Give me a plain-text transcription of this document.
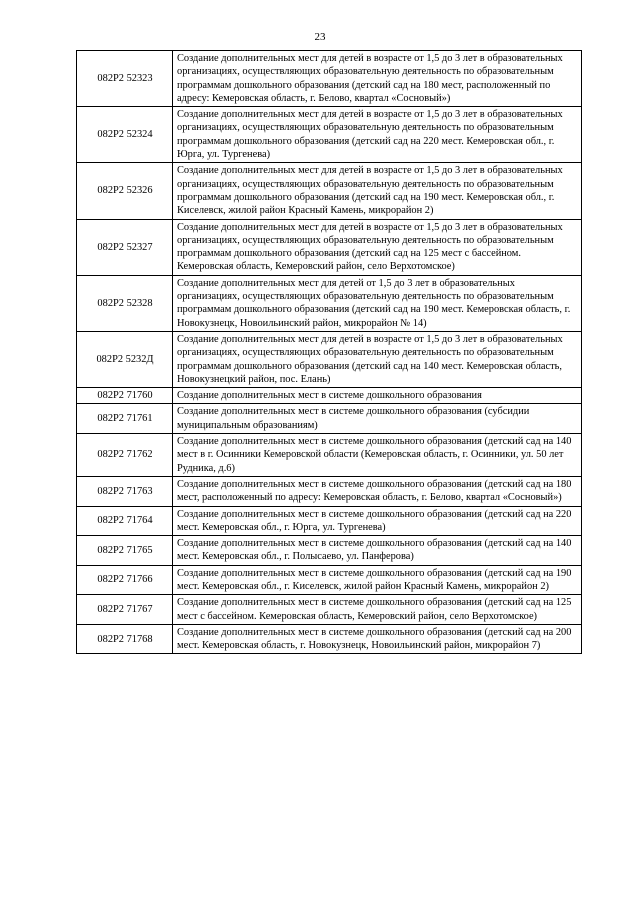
23
082P2 52323	Создание дополнительных мест для детей в возрасте от 1,5 до 3 лет в образовательных организациях, осуществляющих образовательную деятельность по образовательным программам дошкольного образования (детский сад на 180 мест, расположенный по адресу: Кемеровская область, г. Белово, квартал «Сосновый»)
082P2 52324	Создание дополнительных мест для детей в возрасте от 1,5 до 3 лет в образовательных организациях, осуществляющих образовательную деятельность по образовательным программам дошкольного образования (детский сад на 220 мест. Кемеровская обл., г. Юрга, ул. Тургенева)
082P2 52326	Создание дополнительных мест для детей в возрасте от 1,5 до 3 лет в образовательных организациях, осуществляющих образовательную деятельность по образовательным программам дошкольного образования (детский сад на 190 мест. Кемеровская обл., г. Киселевск, жилой район Красный Камень, микрорайон 2)
082P2 52327	Создание дополнительных мест для детей в возрасте от 1,5 до 3 лет в образовательных организациях, осуществляющих образовательную деятельность по образовательным программам дошкольного образования (детский сад на 125 мест с бассейном. Кемеровская область, Кемеровский район, село Верхотомское)
082P2 52328	Создание дополнительных мест для детей от 1,5 до 3 лет в образовательных организациях, осуществляющих образовательную деятельность по образовательным программам дошкольного образования (детский сад на 190 мест. Кемеровская область, г. Новокузнецк, Новоильинский район, микрорайон № 14)
082P2 5232Д	Создание дополнительных мест для детей в возрасте от 1,5 до 3 лет в образовательных организациях, осуществляющих образовательную деятельность по образовательным программам дошкольного образования (детский сад на 140 мест. Кемеровская область, Новокузнецкий район, пос. Елань)
082P2 71760	Создание дополнительных мест в системе дошкольного образования
082P2 71761	Создание дополнительных мест в системе дошкольного образования (субсидии муниципальным образованиям)
082P2 71762	Создание дополнительных мест в системе дошкольного образования (детский сад на 140 мест в г. Осинники Кемеровской области (Кемеровская область, г. Осинники, ул. 50 лет Рудника, д.6)
082P2 71763	Создание дополнительных мест в системе дошкольного образования (детский сад на 180 мест, расположенный по адресу: Кемеровская область, г. Белово, квартал «Сосновый»)
082P2 71764	Создание дополнительных мест в системе дошкольного образования (детский сад на 220 мест. Кемеровская обл., г. Юрга, ул. Тургенева)
082P2 71765	Создание дополнительных мест в системе дошкольного образования (детский сад на 140 мест. Кемеровская обл., г. Полысаево, ул. Панферова)
082P2 71766	Создание дополнительных мест в системе дошкольного образования (детский сад на 190 мест. Кемеровская обл., г. Киселевск, жилой район Красный Камень, микрорайон 2)
082P2 71767	Создание дополнительных мест в системе дошкольного образования (детский сад на 125 мест с бассейном. Кемеровская область, Кемеровский район, село Верхотомское)
082P2 71768	Создание дополнительных мест в системе дошкольного образования (детский сад на 200 мест. Кемеровская область, г. Новокузнецк, Новоильинский район, микрорайон 7)
